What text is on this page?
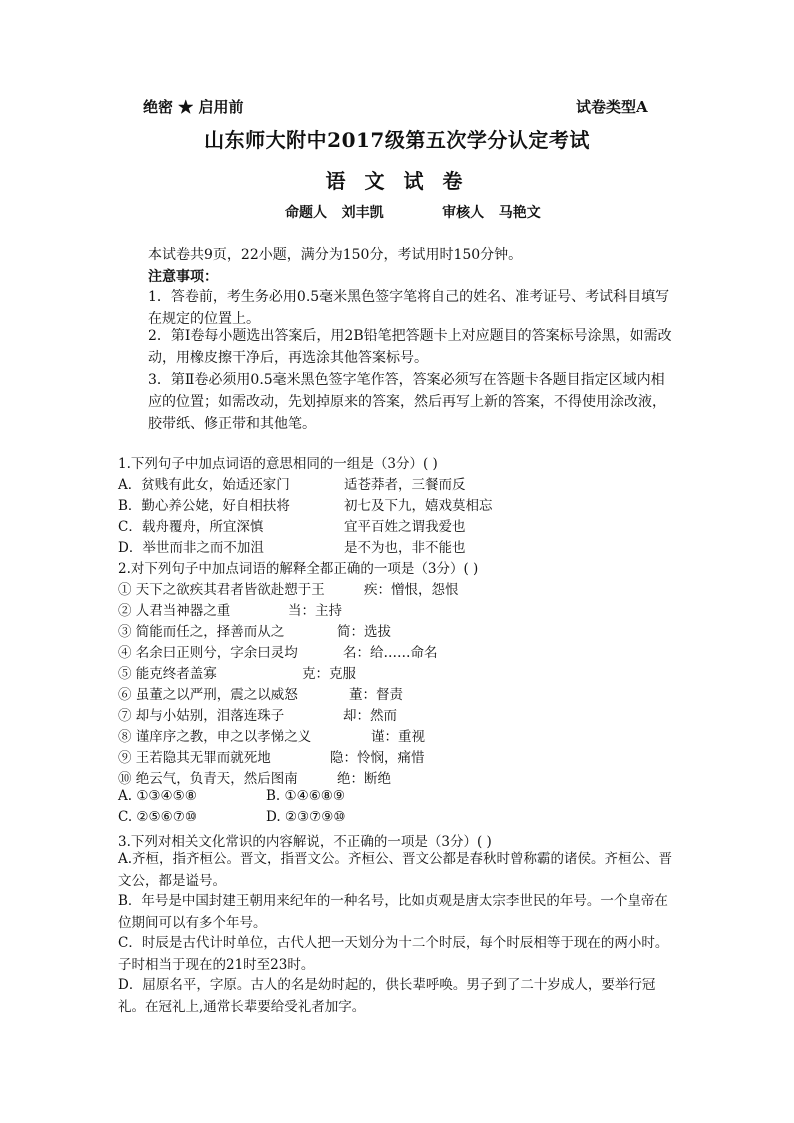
绝密 ★ 启用前	试卷类型A
山东师大附中2017级第五次学分认定考试
语 文 试 卷
命题人   刘丰凯            审核人   马艳文
本试卷共9页，22小题，满分为150分，考试用时150分钟。
注意事项：
1．答卷前，考生务必用0.5毫米黑色签字笔将自己的姓名、准考证号、考试科目填写在规定的位置上。
2．第Ⅰ卷每小题选出答案后，用2B铅笔把答题卡上对应题目的答案标号涂黑，如需改动，用橡皮擦干净后，再选涂其他答案标号。
3．第Ⅱ卷必须用0.5毫米黑色签字笔作答，答案必须写在答题卡各题目指定区域内相应的位置；如需改动，先划掉原来的答案，然后再写上新的答案，不得使用涂改液，胶带纸、修正带和其他笔。
1.下列句子中加点词语的意思相同的一组是（3分）( )
A．贫贱有此女，始适还家门	适苍莽者，三餐而反
B．勤心养公姥，好自相扶将	初七及下九，嬉戏莫相忘
C．载舟覆舟，所宜深慎	宜平百姓之谓我爱也
D．举世而非之而不加沮	是不为也，非不能也
2.对下列句子中加点词语的解释全都正确的一项是（3分）( )
① 天下之欲疾其君者皆欲赴愬于王	疾：憎恨，怨恨
② 人君当神器之重	当：主持
③ 简能而任之，择善而从之	简：选拔
④ 名余曰正则兮，字余曰灵均	名：给……命名
⑤ 能克终者盖寡	克：克服
⑥ 虽董之以严刑，震之以威怒	董：督责
⑦ 却与小姑别，泪落连珠子	却：然而
⑧ 谨庠序之教，申之以孝悌之义	谨：重视
⑨ 王若隐其无罪而就死地	隐：怜悯，痛惜
⑩ 绝云气，负青天，然后图南	绝：断绝
A. ①③④⑤⑧	B. ①④⑥⑧⑨
C. ②⑤⑥⑦⑩	D. ②③⑦⑨⑩
3.下列对相关文化常识的内容解说，不正确的一项是（3分）( )
A.齐桓，指齐桓公。晋文，指晋文公。齐桓公、晋文公都是春秋时曾称霸的诸侯。齐桓公、晋文公，都是谥号。
B．年号是中国封建王朝用来纪年的一种名号，比如贞观是唐太宗李世民的年号。一个皇帝在位期间可以有多个年号。
C．时辰是古代计时单位，古代人把一天划分为十二个时辰，每个时辰相等于现在的两小时。子时相当于现在的21时至23时。
D．屈原名平，字原。古人的名是幼时起的，供长辈呼唤。男子到了二十岁成人，要举行冠礼。在冠礼上,通常长辈要给受礼者加字。
